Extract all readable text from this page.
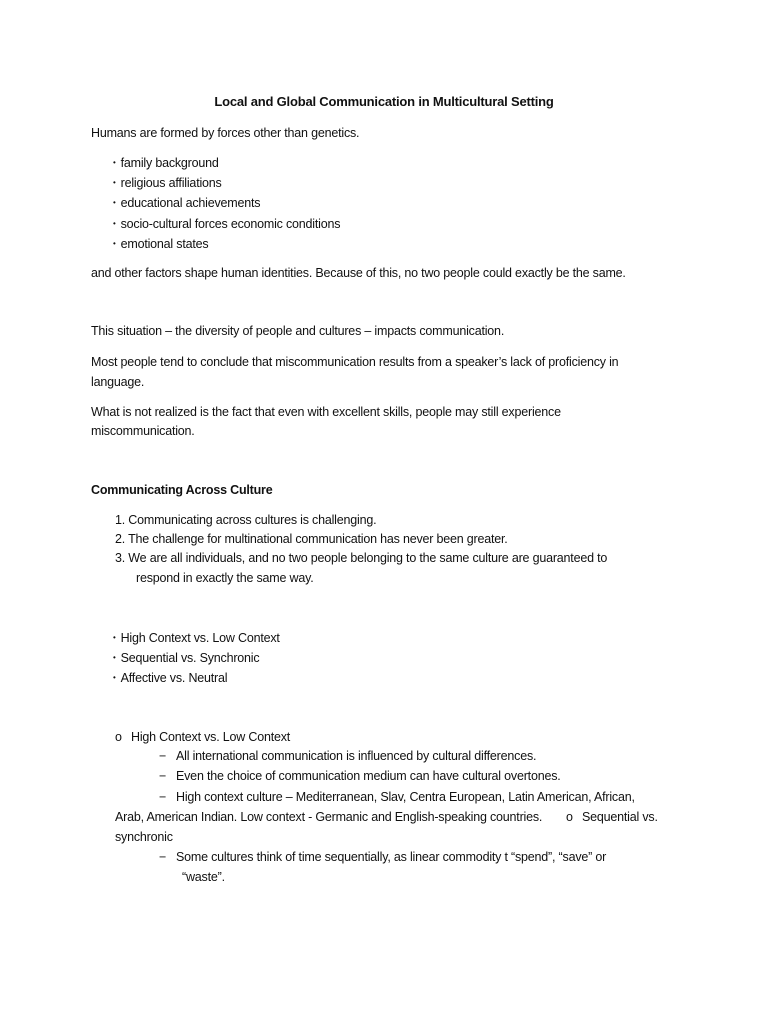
Local and Global Communication in Multicultural Setting
Humans are formed by forces other than genetics.
• family background
• religious affiliations
• educational achievements
• socio-cultural forces economic conditions
• emotional states
and other factors shape human identities. Because of this, no two people could exactly be the same.
This situation – the diversity of people and cultures – impacts communication.
Most people tend to conclude that miscommunication results from a speaker’s lack of proficiency in
language.
What is not realized is the fact that even with excellent skills, people may still experience
miscommunication.
Communicating Across Culture
1. Communicating across cultures is challenging.
2. The challenge for multinational communication has never been greater.
3. We are all individuals, and no two people belonging to the same culture are guaranteed to
respond in exactly the same way.
• High Context vs. Low Context
• Sequential vs. Synchronic
• Affective vs. Neutral
o High Context vs. Low Context
− All international communication is influenced by cultural differences.
− Even the choice of communication medium can have cultural overtones.
− High context culture – Mediterranean, Slav, Centra European, Latin American, African,
Arab, American Indian. Low context - Germanic and English-speaking countries. o Sequential vs.
synchronic
− Some cultures think of time sequentially, as linear commodity t “spend”, “save” or
“waste”.
